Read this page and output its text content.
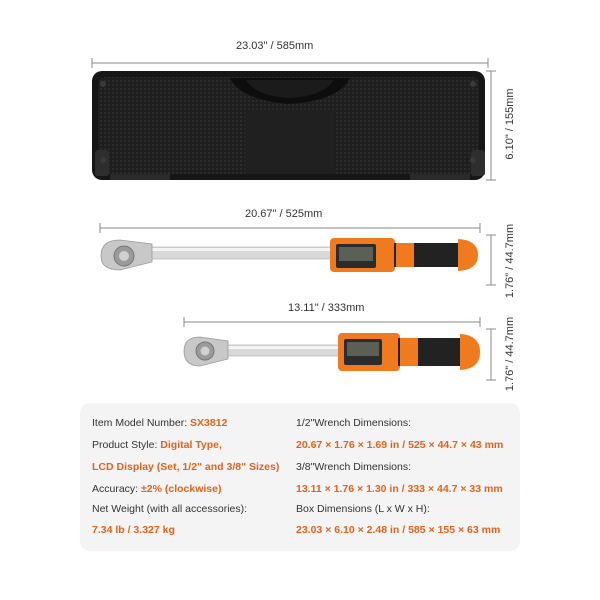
23.03" / 585mm
6.10" / 155mm
20.67" / 525mm
1.76" / 44.7mm
13.11" / 333mm
1.76" / 44.7mm
Item Model Number: SX3812
Product Style: Digital Type,
LCD Display (Set, 1/2" and 3/8" Sizes)
Accuracy: ±2% (clockwise)
Net Weight (with all accessories):
7.34 lb / 3.327 kg
1/2"Wrench Dimensions:
20.67 × 1.76 × 1.69 in / 525 × 44.7 × 43 mm
3/8"Wrench Dimensions:
13.11 × 1.76 × 1.30 in / 333 × 44.7 × 33 mm
Box Dimensions (L x W x H):
23.03 × 6.10 × 2.48 in / 585 × 155 × 63 mm
